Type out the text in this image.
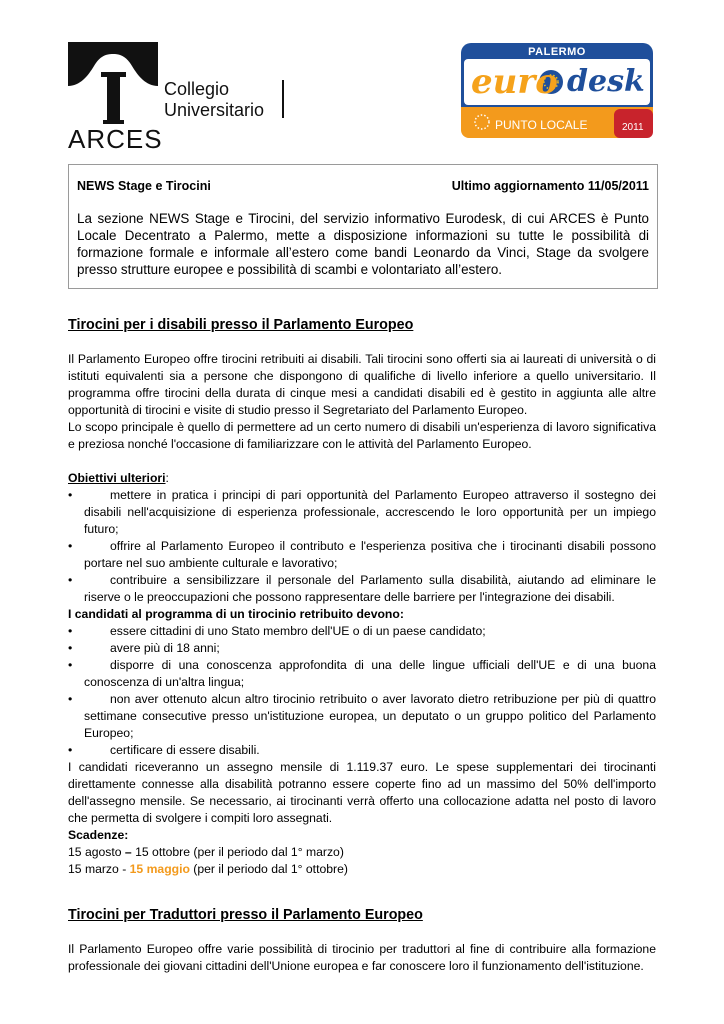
Collegio
Universitario
ARCES
PALERMO
euro desk
PUNTO LOCALE	2011
NEWS Stage e Tirocini	Ultimo aggiornamento 11/05/2011
La sezione NEWS Stage e Tirocini, del servizio informativo Eurodesk, di cui ARCES è Punto Locale Decentrato a Palermo, mette a disposizione informazioni su tutte le possibilità di formazione formale e informale all’estero come bandi Leonardo da Vinci, Stage da svolgere presso strutture europee e possibilità di scambi e volontariato all’estero.
Tirocini per i disabili presso il Parlamento Europeo
Il Parlamento Europeo offre tirocini retribuiti ai disabili. Tali tirocini sono offerti sia ai laureati di università o di istituti equivalenti sia a persone che dispongono di qualifiche di livello inferiore a quello universitario. Il programma offre tirocini della durata di cinque mesi a candidati disabili ed è gestito in aggiunta alle altre opportunità di tirocini e visite di studio presso il Segretariato del Parlamento Europeo.
Lo scopo principale è quello di permettere ad un certo numero di disabili un'esperienza di lavoro significativa e preziosa nonché l'occasione di familiarizzare con le attività del Parlamento Europeo.
Obiettivi ulteriori:
•	mettere in pratica i principi di pari opportunità del Parlamento Europeo attraverso il sostegno dei disabili nell'acquisizione di esperienza professionale, accrescendo le loro opportunità per un impiego futuro;
•	offrire al Parlamento Europeo il contributo e l'esperienza positiva che i tirocinanti disabili possono portare nel suo ambiente culturale e lavorativo;
•	contribuire a sensibilizzare il personale del Parlamento sulla disabilità, aiutando ad eliminare le riserve o le preoccupazioni che possono rappresentare delle barriere per l'integrazione dei disabili.
I candidati al programma di un tirocinio retribuito devono:
•	essere cittadini di uno Stato membro dell'UE o di un paese candidato;
•	avere più di 18 anni;
•	disporre di una conoscenza approfondita di una delle lingue ufficiali dell'UE e di una buona conoscenza di un'altra lingua;
•	non aver ottenuto alcun altro tirocinio retribuito o aver lavorato dietro retribuzione per più di quattro settimane consecutive presso un'istituzione europea, un deputato o un gruppo politico del Parlamento Europeo;
•	certificare di essere disabili.
I candidati riceveranno un assegno mensile di 1.119.37 euro. Le spese supplementari dei tirocinanti direttamente connesse alla disabilità potranno essere coperte fino ad un massimo del 50% dell'importo dell'assegno mensile. Se necessario, ai tirocinanti verrà offerto una collocazione adatta nel posto di lavoro che permetta di svolgere i compiti loro assegnati.
Scadenze:
15 agosto – 15 ottobre (per il periodo dal 1° marzo)
15 marzo - 15 maggio (per il periodo dal 1° ottobre)
Tirocini per Traduttori presso il Parlamento Europeo
Il Parlamento Europeo offre varie possibilità di tirocinio per traduttori al fine di contribuire alla formazione professionale dei giovani cittadini dell'Unione europea e far conoscere loro il funzionamento dell'istituzione.
